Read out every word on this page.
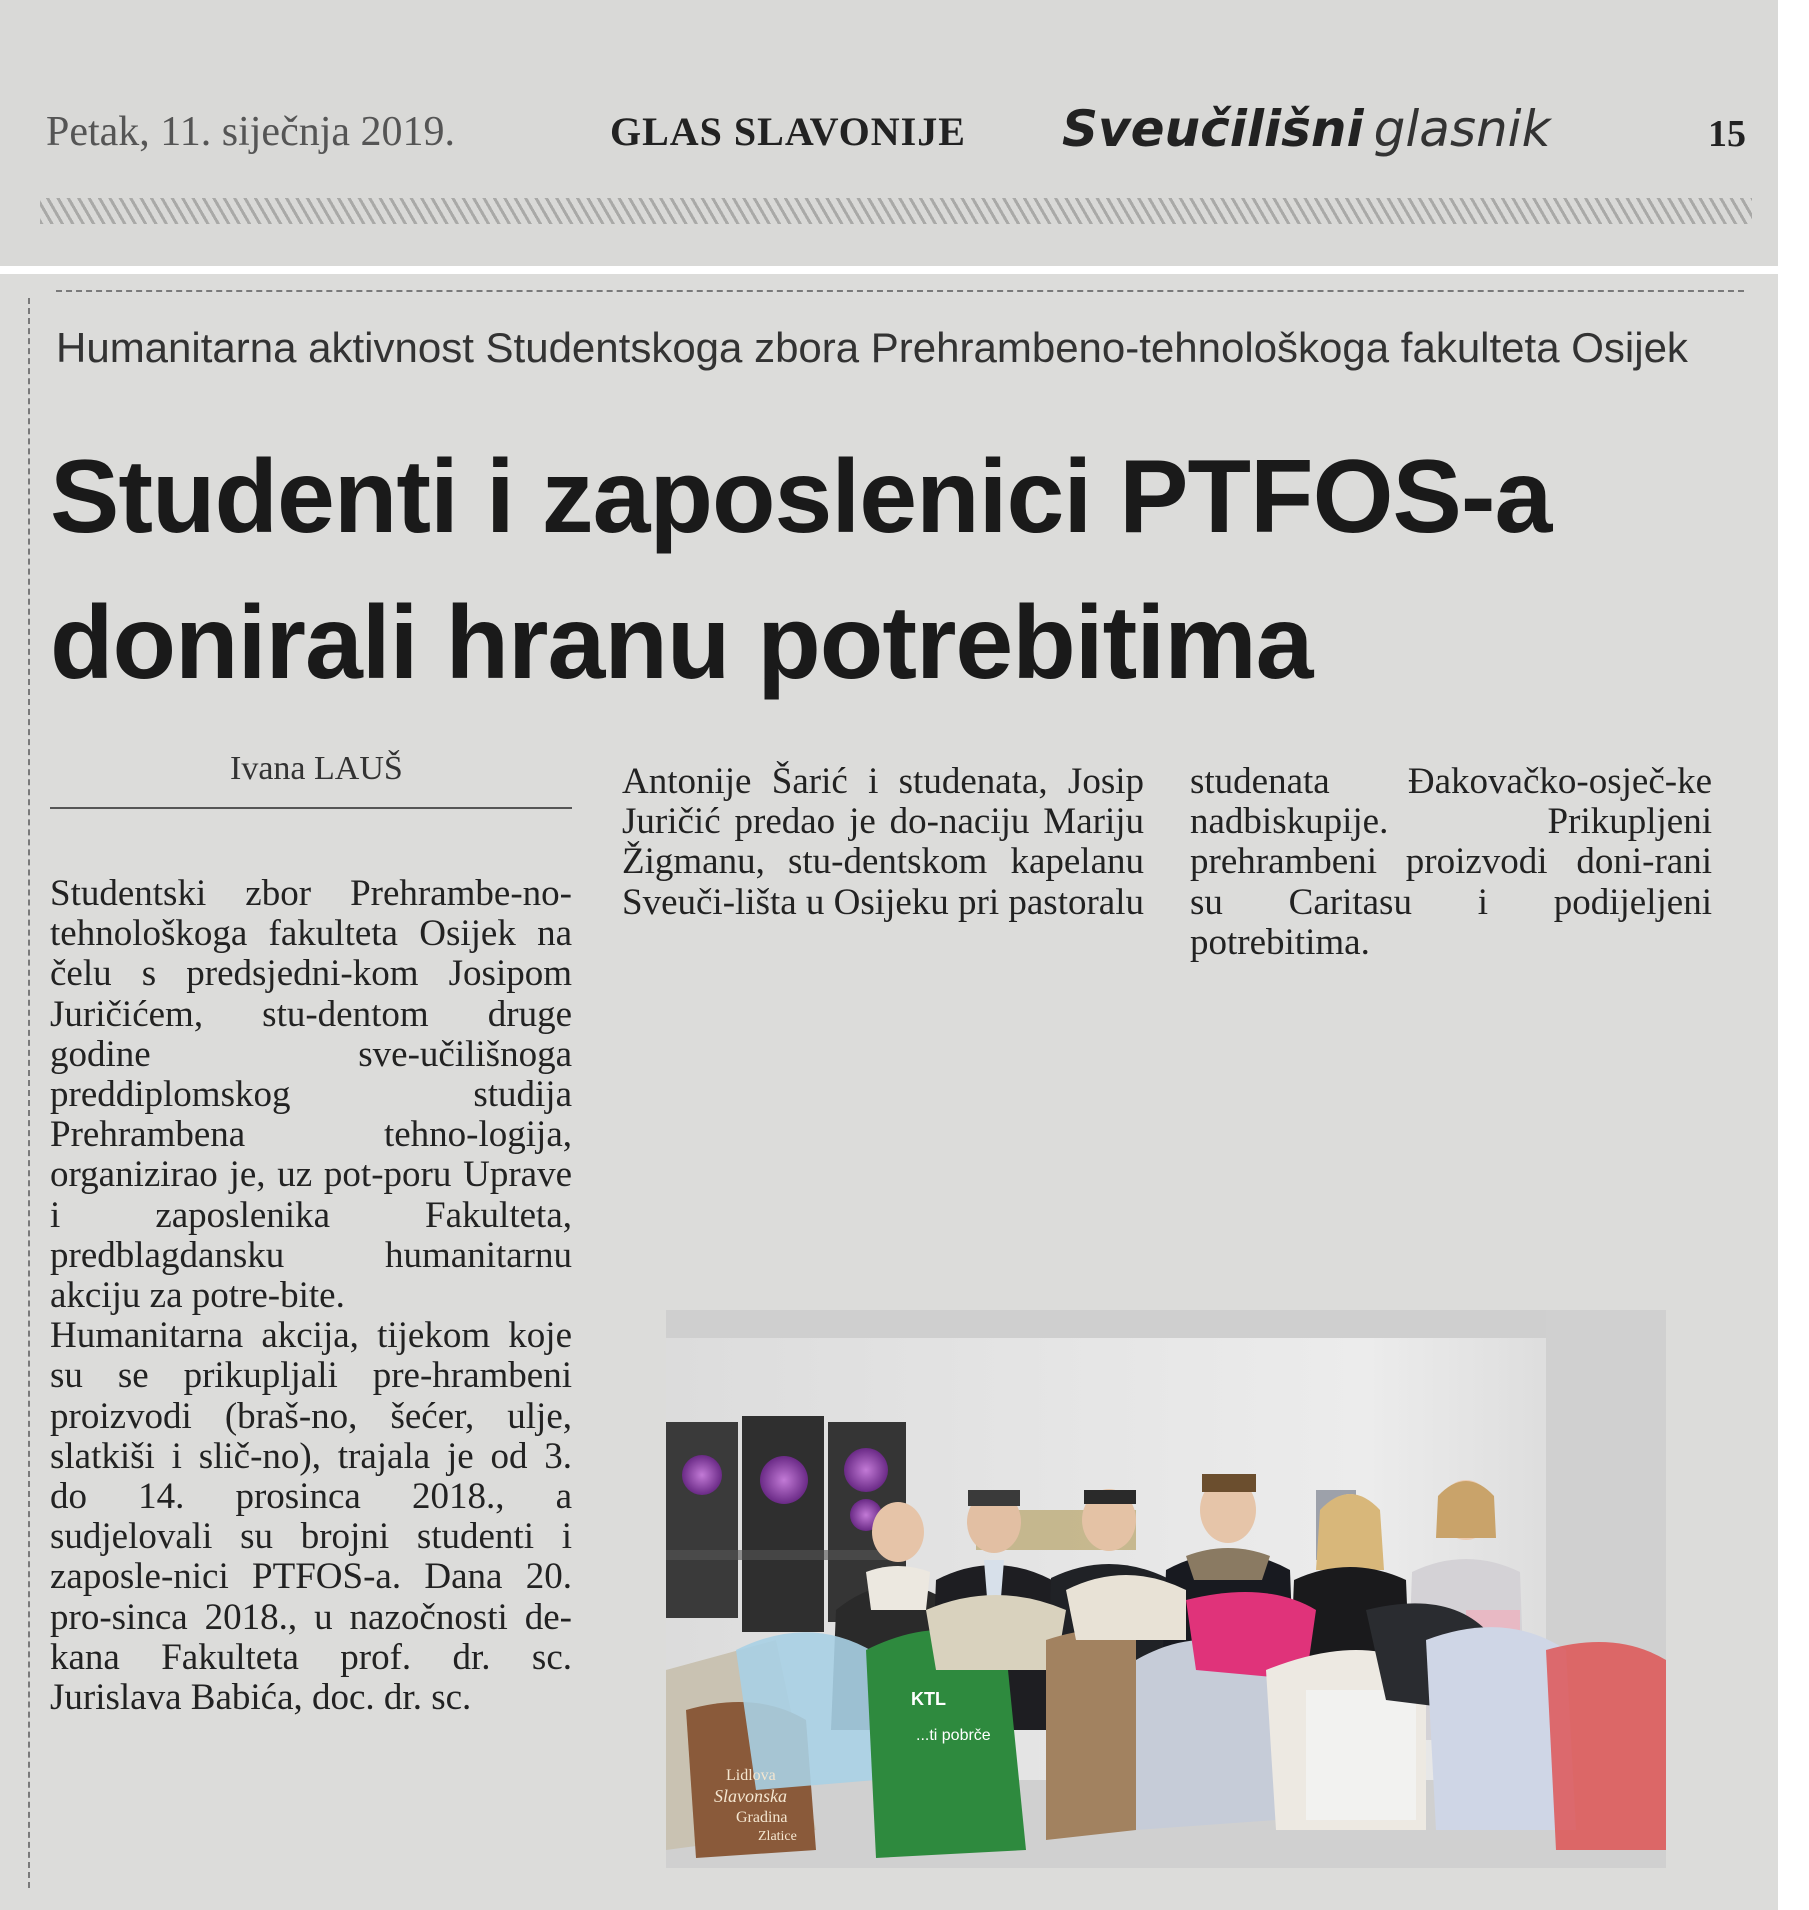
Petak, 11. siječnja 2019.	GLAS SLAVONIJE Sveučilišni glasnik	15
Humanitarna aktivnost Studentskoga zbora Prehrambeno-tehnološkoga fakulteta Osijek
Studenti i zaposlenici PTFOS-a
donirali hranu potrebitima
Ivana LAUŠ

Studentski zbor Prehrambe-no-tehnološkoga fakulteta Osijek na čelu s predsjedni-kom Josipom Juričićem, stu-dentom druge godine sve-učilišnoga preddiplomskog studija Prehrambena tehno-logija, organizirao je, uz pot-poru Uprave i zaposlenika Fakulteta, predblagdansku humanitarnu akciju za potre-bite.

Humanitarna akcija, tijekom koje su se prikupljali pre-hrambeni proizvodi (braš-no, šećer, ulje, slatkiši i slič-no), trajala je od 3. do 14. prosinca 2018., a sudjelovali su brojni studenti i zaposle-nici PTFOS-a. Dana 20. pro-sinca 2018., u nazočnosti de-kana Fakulteta prof. dr. sc. Jurislava Babića, doc. dr. sc.

Antonije Šarić i studenata, Josip Juričić predao je do-naciju Mariju Žigmanu, stu-dentskom kapelanu Sveuči-lišta u Osijeku pri pastoralu

studenata Đakovačko-osječ-ke nadbiskupije. Prikupljeni prehrambeni proizvodi doni-rani su Caritasu i podijeljeni potrebitima.

Lidlova
Slavonska
Gradina
Zlatice
KTL
...ti pobrče
